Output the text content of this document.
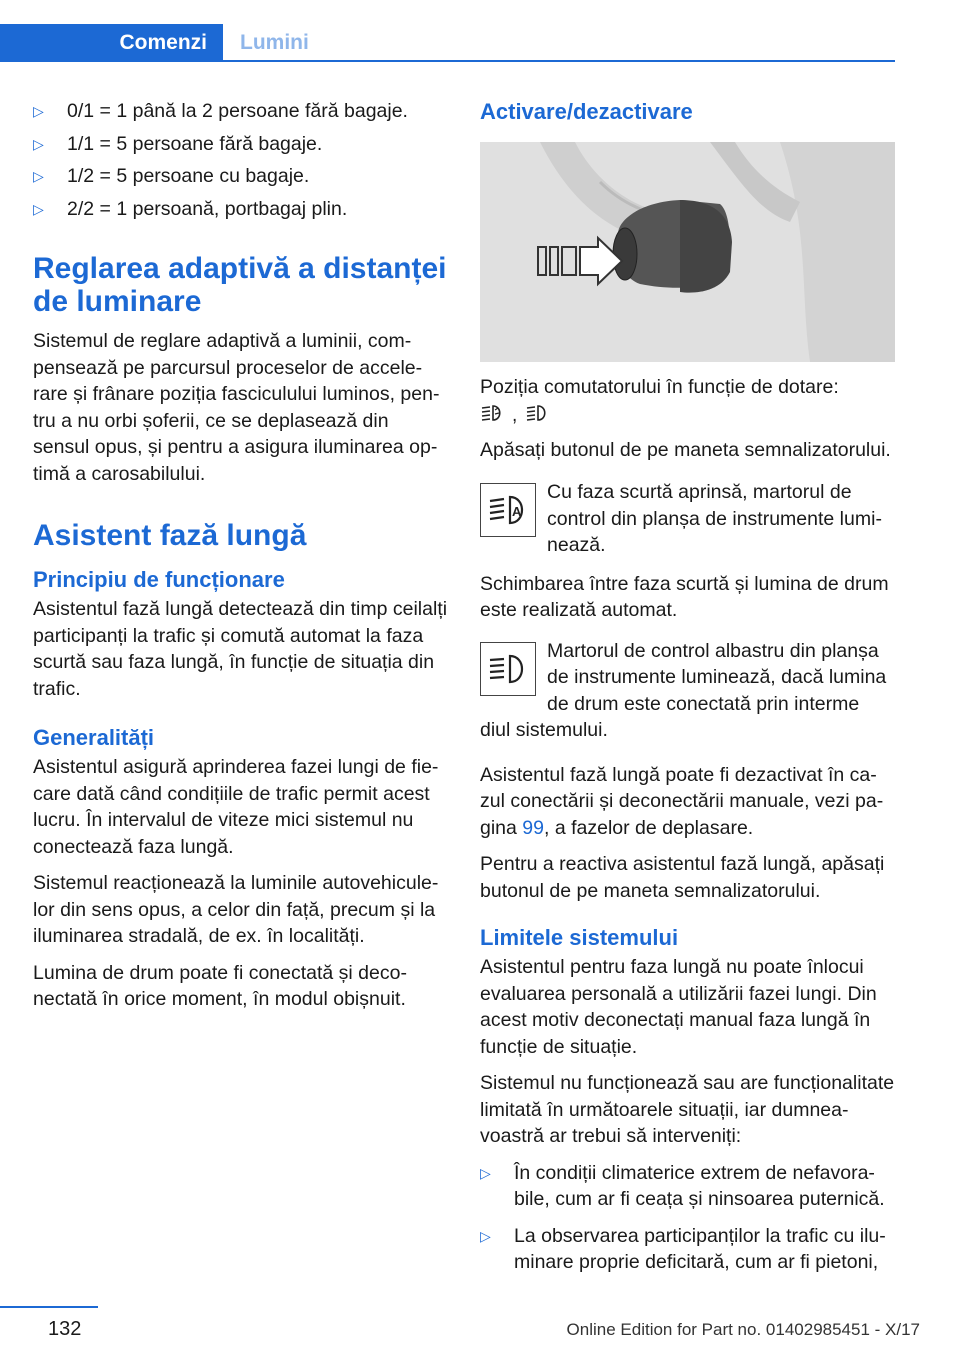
Comenzi	Lumini
▷ 0/1 = 1 până la 2 persoane fără bagaje.
▷ 1/1 = 5 persoane fără bagaje.
▷ 1/2 = 5 persoane cu bagaje.
▷ 2/2 = 1 persoană, portbagaj plin.
Reglarea adaptivă a distanței de luminare

Sistemul de reglare adaptivă a luminii, compensează pe parcursul proceselor de accelerare și frânare poziția fasciculului luminos, pentru a nu orbi șoferii, ce se deplasează din sensul opus, și pentru a asigura iluminarea optimă a carosabilului.

Asistent fază lungă
Principiu de funcționare

Asistentul fază lungă detectează din timp ceilalți participanți la trafic și comută automat la faza scurtă sau faza lungă, în funcție de situația din trafic.

Generalități

Asistentul asigură aprinderea fazei lungi de fiecare dată când condițiile de trafic permit acest lucru. În intervalul de viteze mici sistemul nu conectează faza lungă.

Sistemul reacționează la luminile autovehiculelor din sens opus, a celor din față, precum și la iluminarea stradală, de ex. în localități.

Lumina de drum poate fi conectată și deconectată în orice moment, în modul obișnuit.

Activare/dezactivare

Poziția comutatorului în funcție de dotare:

,

Apăsați butonul de pe maneta semnalizatorului.

A
Cu faza scurtă aprinsă, martorul de control din planșa de instrumente luminează.

Schimbarea între faza scurtă și lumina de drum este realizată automat.

Martorul de control albastru din planșa de instrumente luminează, dacă lumina de drum este conectată prin interme
diul sistemului.

Asistentul fază lungă poate fi dezactivat în cazul conectării și deconectării manuale, vezi pagina 99, a fazelor de deplasare.

Pentru a reactiva asistentul fază lungă, apăsați butonul de pe maneta semnalizatorului.

Limitele sistemului

Asistentul pentru faza lungă nu poate înlocui evaluarea personală a utilizării fazei lungi. Din acest motiv deconectați manual faza lungă în funcție de situație.

Sistemul nu funcționează sau are funcționalitate limitată în următoarele situații, iar dumneavoastră ar trebui să interveniți:

▷ În condiții climaterice extrem de nefavorabile, cum ar fi ceața și ninsoarea puternică.
▷ La observarea participanților la trafic cu iluminare proprie deficitară, cum ar fi pietoni,
132	Online Edition for Part no. 01402985451 - X/17
